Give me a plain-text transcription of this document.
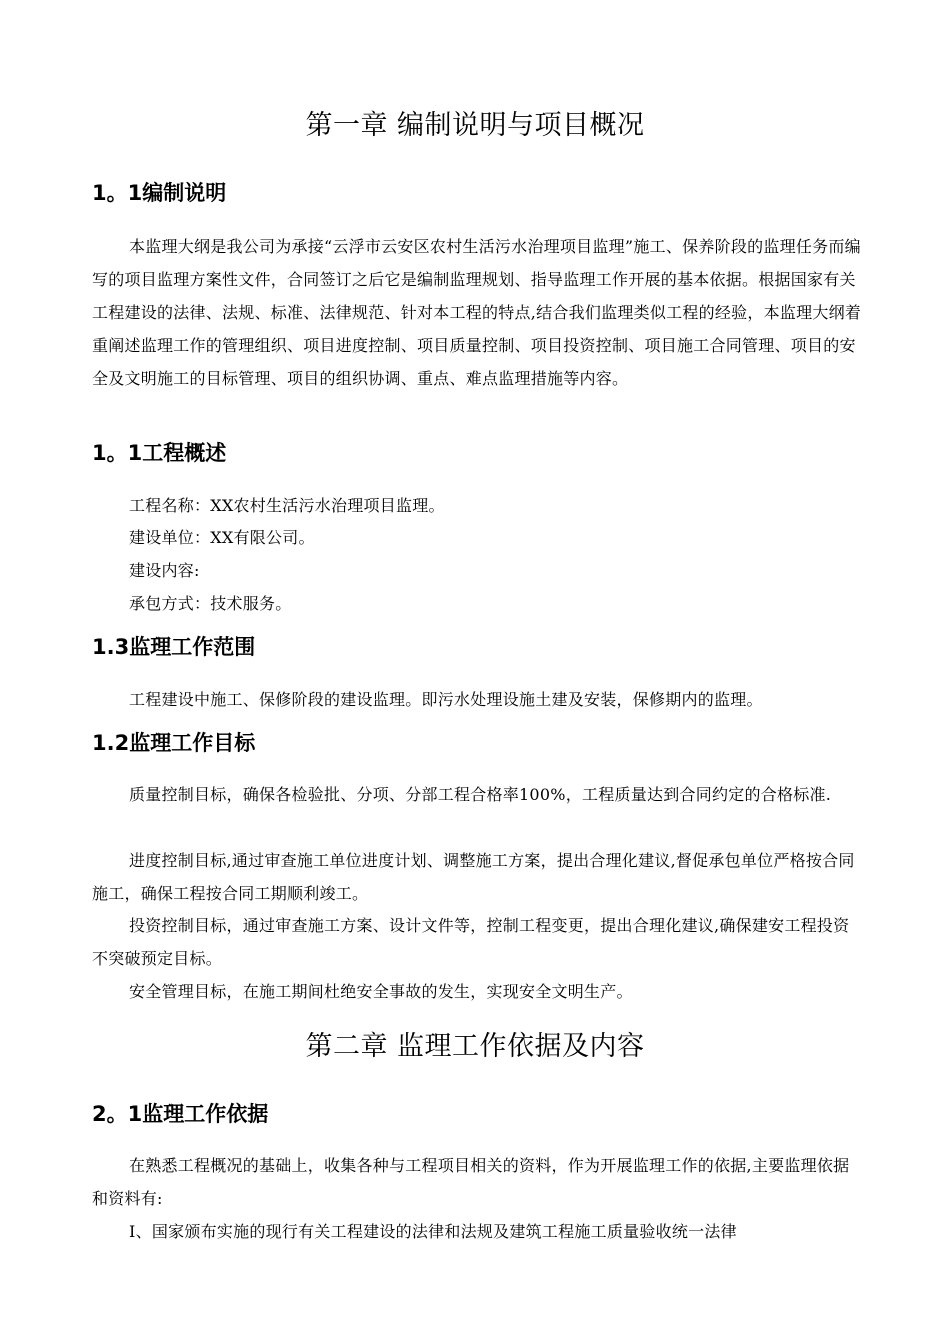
第一章 编制说明与项目概况
1。1编制说明

本监理大纲是我公司为承接“云浮市云安区农村生活污水治理项目监理”施工、保养阶段的监理任务而编写的项目监理方案性文件，合同签订之后它是编制监理规划、指导监理工作开展的基本依据。根据国家有关工程建设的法律、法规、标准、法律规范、针对本工程的特点,结合我们监理类似工程的经验，本监理大纲着重阐述监理工作的管理组织、项目进度控制、项目质量控制、项目投资控制、项目施工合同管理、项目的安全及文明施工的目标管理、项目的组织协调、重点、难点监理措施等内容。

1。1工程概述

工程名称：XX农村生活污水治理项目监理。

建设单位：XX有限公司。

建设内容:

承包方式：技术服务。

1.3监理工作范围

工程建设中施工、保修阶段的建设监理。即污水处理设施土建及安装，保修期内的监理。

1.2监理工作目标

质量控制目标，确保各检验批、分项、分部工程合格率100%，工程质量达到合同约定的合格标准.

进度控制目标,通过审查施工单位进度计划、调整施工方案，提出合理化建议,督促承包单位严格按合同施工，确保工程按合同工期顺利竣工。

投资控制目标，通过审查施工方案、设计文件等，控制工程变更，提出合理化建议,确保建安工程投资不突破预定目标。

安全管理目标，在施工期间杜绝安全事故的发生，实现安全文明生产。

第二章 监理工作依据及内容
2。1监理工作依据

在熟悉工程概况的基础上，收集各种与工程项目相关的资料，作为开展监理工作的依据,主要监理依据和资料有:

Ⅰ、国家颁布实施的现行有关工程建设的法律和法规及建筑工程施工质量验收统一法律
